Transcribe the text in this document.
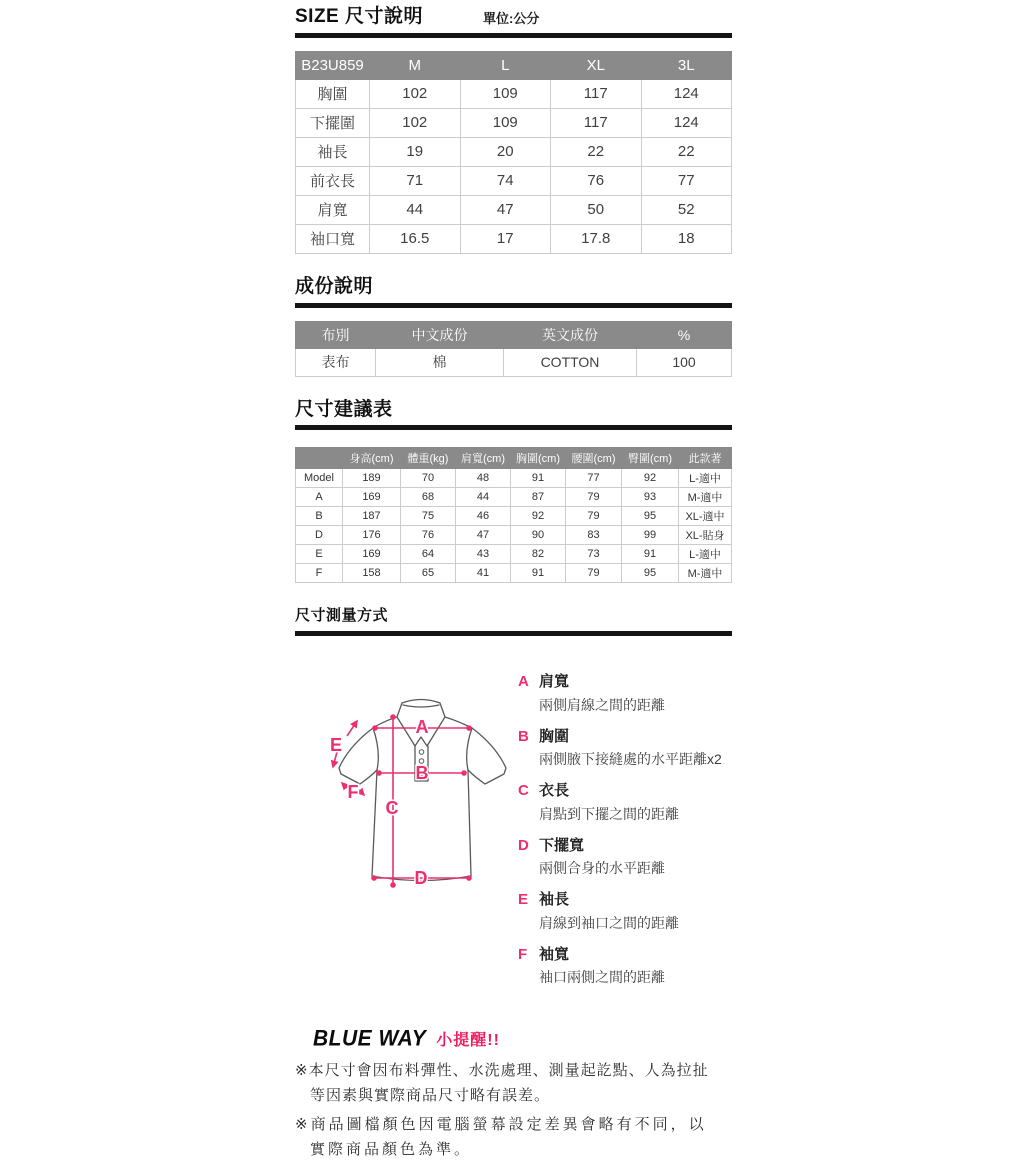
SIZE 尺寸說明	單位:公分
B23U859	M	L	XL	3L
胸圍	102	109	117	124
下擺圍	102	109	117	124
袖長	19	20	22	22
前衣長	71	74	76	77
肩寬	44	47	50	52
袖口寬	16.5	17	17.8	18
成份說明
布別	中文成份	英文成份	%
表布	棉	COTTON	100
尺寸建議表
	身高(cm)	體重(kg)	肩寬(cm)	胸圍(cm)	腰圍(cm)	臀圍(cm)	此款著
Model	189	70	48	91	77	92	L-適中
A	169	68	44	87	79	93	M-適中
B	187	75	46	92	79	95	XL-適中
D	176	76	47	90	83	99	XL-貼身
E	169	64	43	82	73	91	L-適中
F	158	65	41	91	79	95	M-適中
尺寸測量方式
A
B
C
D
E
F
A 肩寬
兩側肩線之間的距離
B 胸圍
兩側腋下接縫處的水平距離x2
C 衣長
肩點到下擺之間的距離
D 下擺寬
兩側合身的水平距離
E 袖長
肩線到袖口之間的距離
F 袖寬
袖口兩側之間的距離
BLUE WAY 小提醒!!

※本尺寸會因布料彈性、水洗處理、測量起訖點、人為拉扯等因素與實際商品尺寸略有誤差。

※商品圖檔顏色因電腦螢幕設定差異會略有不同，以實際商品顏色為準。
